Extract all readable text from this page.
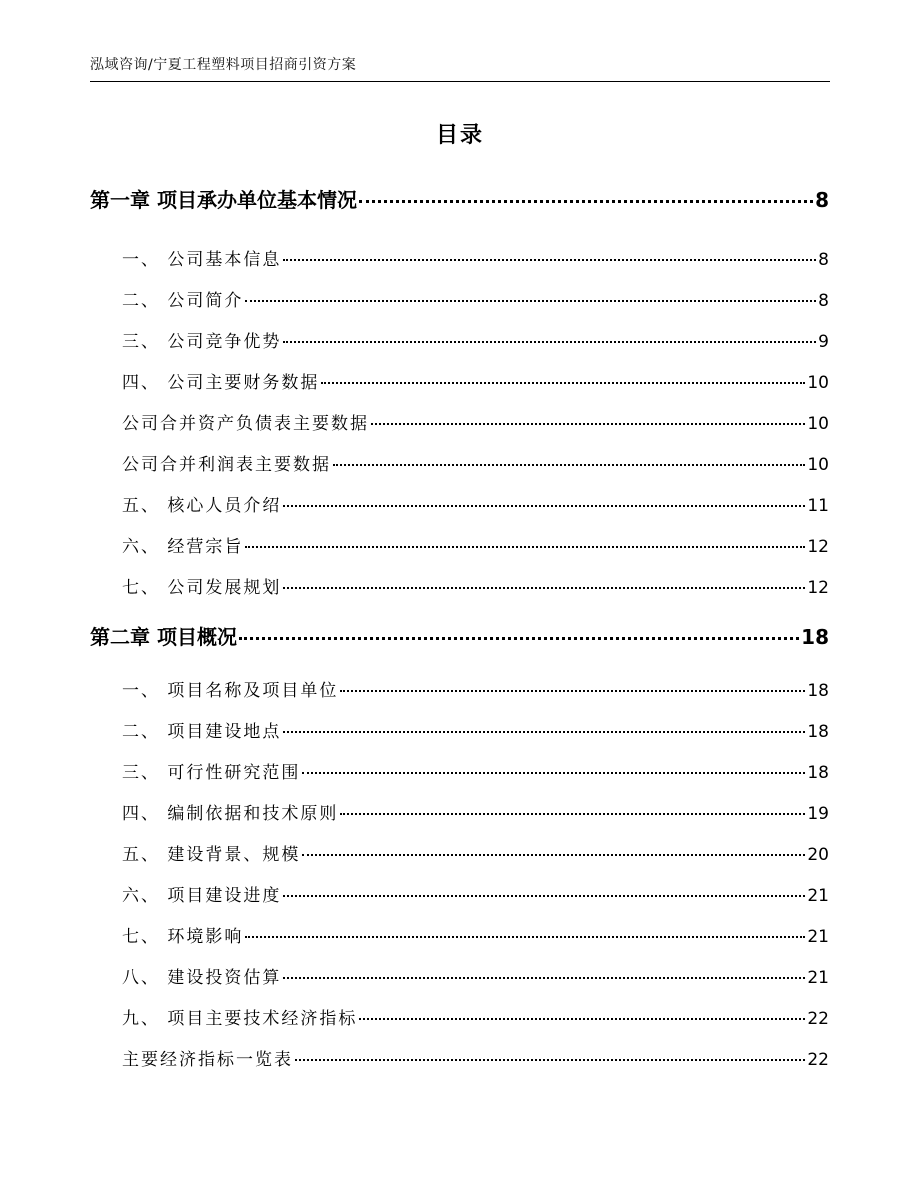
泓域咨询/宁夏工程塑料项目招商引资方案
目录
第一章 项目承办单位基本情况	8
一、 公司基本信息	8
二、 公司简介	8
三、 公司竞争优势	9
四、 公司主要财务数据	10
公司合并资产负债表主要数据	10
公司合并利润表主要数据	10
五、 核心人员介绍	11
六、 经营宗旨	12
七、 公司发展规划	12
第二章 项目概况	18
一、 项目名称及项目单位	18
二、 项目建设地点	18
三、 可行性研究范围	18
四、 编制依据和技术原则	19
五、 建设背景、规模	20
六、 项目建设进度	21
七、 环境影响	21
八、 建设投资估算	21
九、 项目主要技术经济指标	22
主要经济指标一览表	22
